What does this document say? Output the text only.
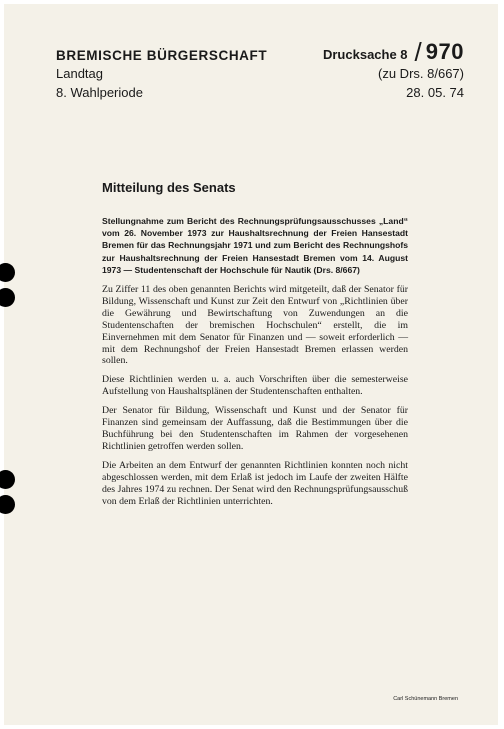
BREMISCHE BÜRGERSCHAFT
Landtag
8. Wahlperiode
Drucksache 8 / 970
(zu Drs. 8/667)
28. 05. 74
Mitteilung des Senats
Stellungnahme zum Bericht des Rechnungsprüfungsausschusses „Land“ vom 26. November 1973 zur Haushaltsrechnung der Freien Hansestadt Bremen für das Rechnungsjahr 1971 und zum Bericht des Rechnungshofs zur Haushaltsrechnung der Freien Hansestadt Bremen vom 14. August 1973 — Studentenschaft der Hochschule für Nautik (Drs. 8/667)

Zu Ziffer 11 des oben genannten Berichts wird mitgeteilt, daß der Senator für Bildung, Wissenschaft und Kunst zur Zeit den Entwurf von „Richtlinien über die Gewährung und Bewirtschaftung von Zuwendungen an die Studentenschaften der bremischen Hochschulen“ erstellt, die im Einvernehmen mit dem Senator für Finanzen und — soweit erforderlich — mit dem Rechnungshof der Freien Hansestadt Bremen erlassen werden sollen.

Diese Richtlinien werden u. a. auch Vorschriften über die semesterweise Aufstellung von Haushaltsplänen der Studentenschaften enthalten.

Der Senator für Bildung, Wissenschaft und Kunst und der Senator für Finanzen sind gemeinsam der Auffassung, daß die Bestimmungen über die Buchführung bei den Studentenschaften im Rahmen der vorgesehenen Richtlinien getroffen werden sollen.

Die Arbeiten an dem Entwurf der genannten Richtlinien konnten noch nicht abgeschlossen werden, mit dem Erlaß ist jedoch im Laufe der zweiten Hälfte des Jahres 1974 zu rechnen. Der Senat wird den Rechnungsprüfungsausschuß von dem Erlaß der Richtlinien unterrichten.

Carl Schünemann Bremen
